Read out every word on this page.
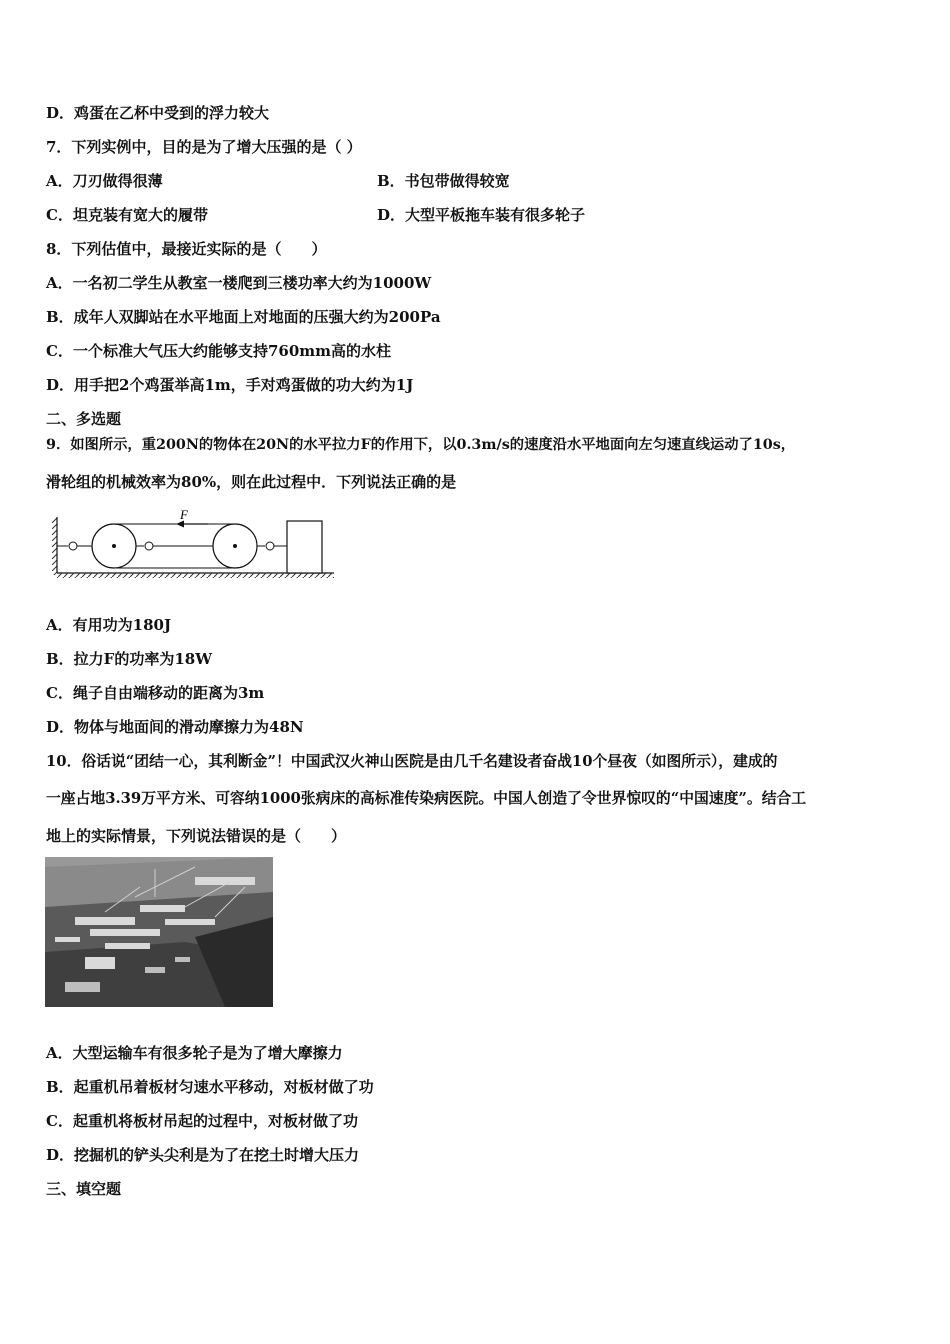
D．鸡蛋在乙杯中受到的浮力较大
7．下列实例中，目的是为了增大压强的是（ ）
A．刀刃做得很薄	B．书包带做得较宽
C．坦克装有宽大的履带	D．大型平板拖车装有很多轮子
8．下列估值中，最接近实际的是（　　）
A．一名初二学生从教室一楼爬到三楼功率大约为1000W
B．成年人双脚站在水平地面上对地面的压强大约为200Pa
C．一个标准大气压大约能够支持760mm高的水柱
D．用手把2个鸡蛋举高1m，手对鸡蛋做的功大约为1J
二、多选题
9．如图所示，重200N的物体在20N的水平拉力F的作用下，以0.3m/s的速度沿水平地面向左匀速直线运动了10s，
滑轮组的机械效率为80%，则在此过程中．下列说法正确的是
F
A．有用功为180J
B．拉力F的功率为18W
C．绳子自由端移动的距离为3m
D．物体与地面间的滑动摩擦力为48N
10．俗话说“团结一心，其利断金”！中国武汉火神山医院是由几千名建设者奋战10个昼夜（如图所示），建成的
一座占地3.39万平方米、可容纳1000张病床的高标准传染病医院。中国人创造了令世界惊叹的“中国速度”。结合工
地上的实际情景，下列说法错误的是（　　）
A．大型运输车有很多轮子是为了增大摩擦力
B．起重机吊着板材匀速水平移动，对板材做了功
C．起重机将板材吊起的过程中，对板材做了功
D．挖掘机的铲头尖利是为了在挖土时增大压力
三、填空题
